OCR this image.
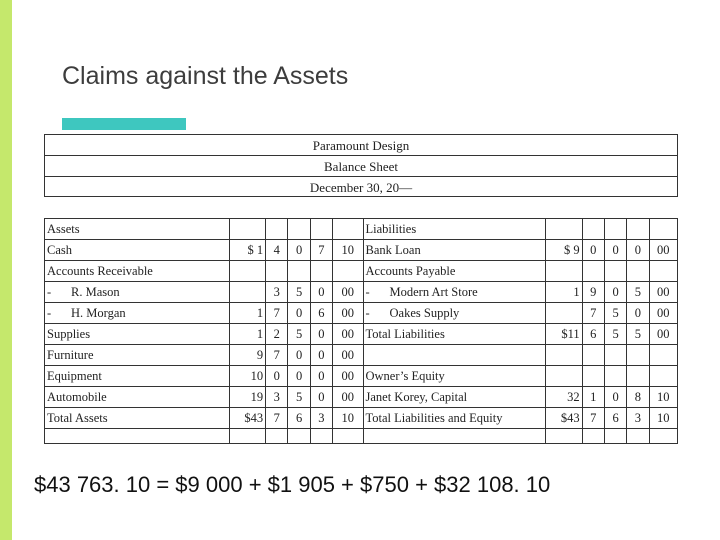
Claims against the Assets
Paramount Design
Balance Sheet
December 30, 20—
Assets						Liabilities					
Cash	$ 1	4	0	7	10	Bank Loan	$ 9	0	0	0	00
Accounts Receivable						Accounts Payable					
- R. Mason		3	5	0	00	- Modern Art Store	1	9	0	5	00
- H. Morgan	1	7	0	6	00	- Oakes Supply		7	5	0	00
Supplies	1	2	5	0	00	Total Liabilities	$11	6	5	5	00
Furniture	9	7	0	0	00						
Equipment	10	0	0	0	00	Owner’s Equity					
Automobile	19	3	5	0	00	Janet Korey, Capital	32	1	0	8	10
Total Assets	$43	7	6	3	10	Total Liabilities and Equity	$43	7	6	3	10

$43 763. 10 = $9 000 + $1 905 + $750 + $32 108. 10
